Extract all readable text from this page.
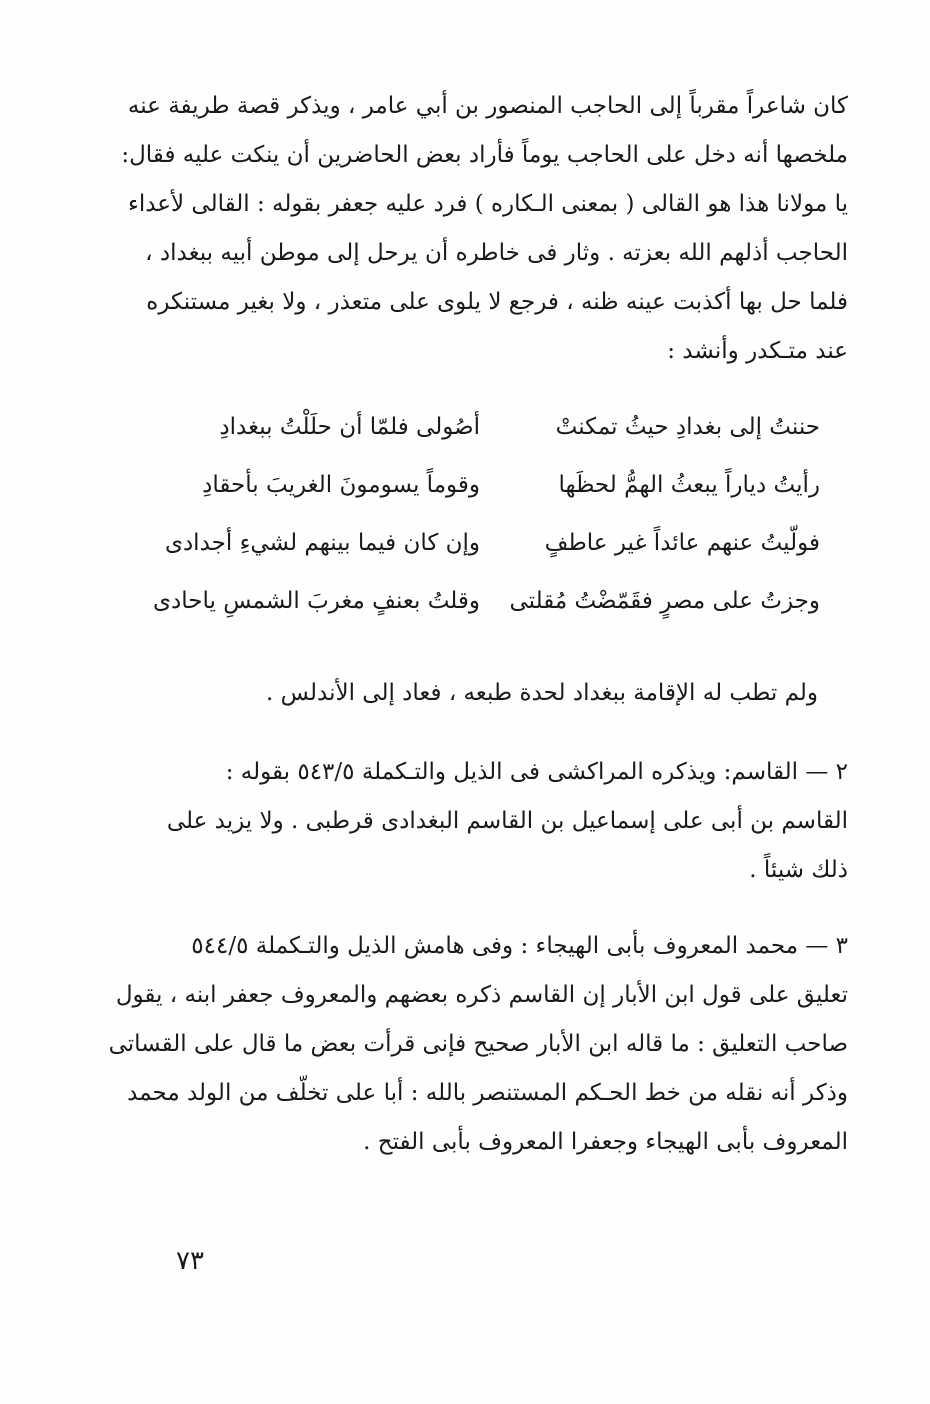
كان شاعراً مقرباً إلى الحاجب المنصور بن أبي عامر ، ويذكر قصة طريفة عنه
ملخصها أنه دخل على الحاجب يوماً فأراد بعض الحاضرين أن ينكت عليه فقال:
يا مولانا هذا هو القالى ( بمعنى الـكاره ) فرد عليه جعفر بقوله : القالى لأعداء
الحاجب أذلهم الله بعزته . وثار فى خاطره أن يرحل إلى موطن أبيه ببغداد ،
فلما حل بها أكذبت عينه ظنه ، فرجع لا يلوى على متعذر ، ولا بغير مستنكره
عند متـكدر وأنشد :

حننتُ إلى بغدادِ حيثُ تمكنتْ
أصُولى فلمّا أن حلَلْتُ ببغدادِ
رأيتُ دياراً يبعثُ الهمُّ لحظَها
وقوماً يسومونَ الغريبَ بأحقادِ
فولّيتُ عنهم عائداً غير عاطفٍ
وإن كان فيما بينهم لشيءِ أجدادى
وجزتُ على مصرٍ فقَمّضْتُ مُقلتى
وقلتُ بعنفٍ مغربَ الشمسِ ياحادى

ولم تطب له الإقامة ببغداد لحدة طبعه ، فعاد إلى الأندلس .

٢ — القاسم: ويذكره المراكشى فى الذيل والتـكملة ٥٤٣/٥ بقوله :
القاسم بن أبى على إسماعيل بن القاسم البغدادى قرطبى . ولا يزيد على
ذلك شيئاً .

٣ — محمد المعروف بأبى الهيجاء : وفى هامش الذيل والتـكملة ٥٤٤/٥
تعليق على قول ابن الأبار إن القاسم ذكره بعضهم والمعروف جعفر ابنه ، يقول
صاحب التعليق : ما قاله ابن الأبار صحيح فإنى قرأت بعض ما قال على القساتى
وذكر أنه نقله من خط الحـكم المستنصر بالله : أبا على تخلّف من الولد محمد
المعروف بأبى الهيجاء وجعفرا المعروف بأبى الفتح .

٧٣
